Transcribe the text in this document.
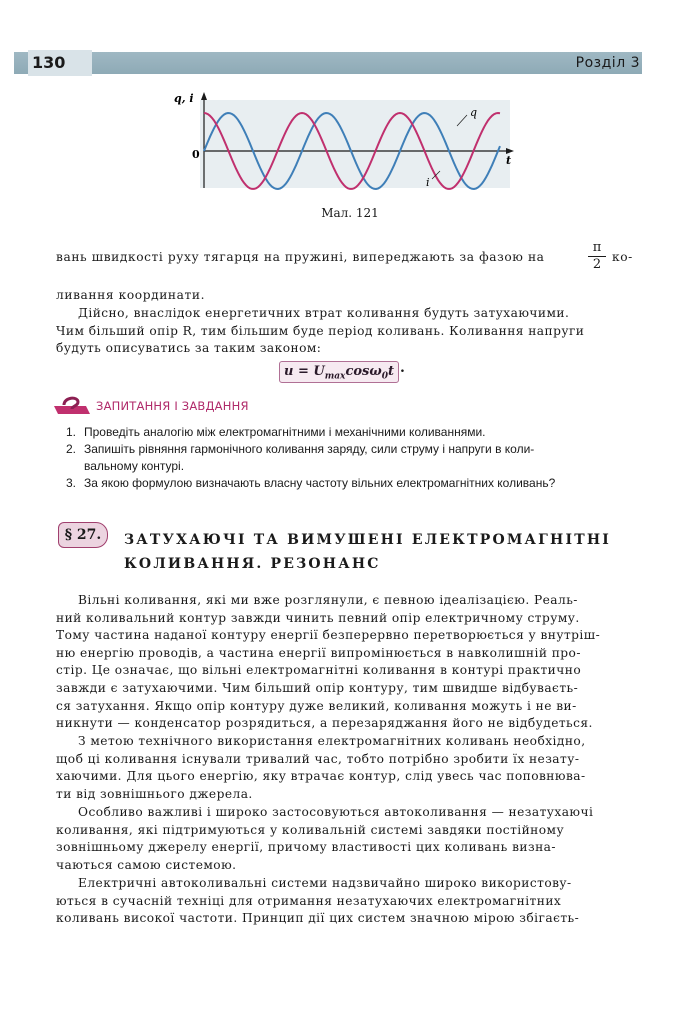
130	Розділ 3
q, i
t
0
q
i
Мал. 121
вань швидкості руху тягарця на пружині, випереджають за фазою на	$\frac{\pi}{2} ко-$
ливання координати.
Дійсно, внаслідок енергетичних втрат коливання будуть затухаючими.
Чим більший опір R, тим більшим буде період коливань. Коливання напруги
будуть описуватись за таким законом:
$u = U_{max}\cos\omega_0t$ .
ЗАПИТАННЯ І ЗАВДАННЯ
1. Проведіть аналогію між електромагнітними і механічними коливаннями.
2. Запишіть рівняння гармонічного коливання заряду, сили струму і напруги в коли-
вальному контурі.
3. За якою формулою визначають власну частоту вільних електромагнітних коливань?
§ 27.	ЗАТУХАЮЧІ ТА ВИМУШЕНІ ЕЛЕКТРОМАГНІТНІ
КОЛИВАННЯ. РЕЗОНАНС
Вільні коливання, які ми вже розглянули, є певною ідеалізацією. Реаль-
ний коливальний контур завжди чинить певний опір електричному струму.
Тому частина наданої контуру енергії безперервно перетворюється у внутріш-
ню енергію проводів, а частина енергії випромінюється в навколишній про-
стір. Це означає, що вільні електромагнітні коливання в контурі практично
завжди є затухаючими. Чим більший опір контуру, тим швидше відбуваєть-
ся затухання. Якщо опір контуру дуже великий, коливання можуть і не ви-
никнути — конденсатор розрядиться, а перезаряджання його не відбудеться.
З метою технічного використання електромагнітних коливань необхідно,
щоб ці коливання існували тривалий час, тобто потрібно зробити їх незату-
хаючими. Для цього енергію, яку втрачає контур, слід увесь час поповнюва-
ти від зовнішнього джерела.
Особливо важливі і широко застосовуються автоколивання — незатухаючі
коливання, які підтримуються у коливальній системі завдяки постійному
зовнішньому джерелу енергії, причому властивості цих коливань визна-
чаються самою системою.
Електричні автоколивальні системи надзвичайно широко використову-
ються в сучасній техніці для отримання незатухаючих електромагнітних
коливань високої частоти. Принцип дії цих систем значною мірою збігаєть-
